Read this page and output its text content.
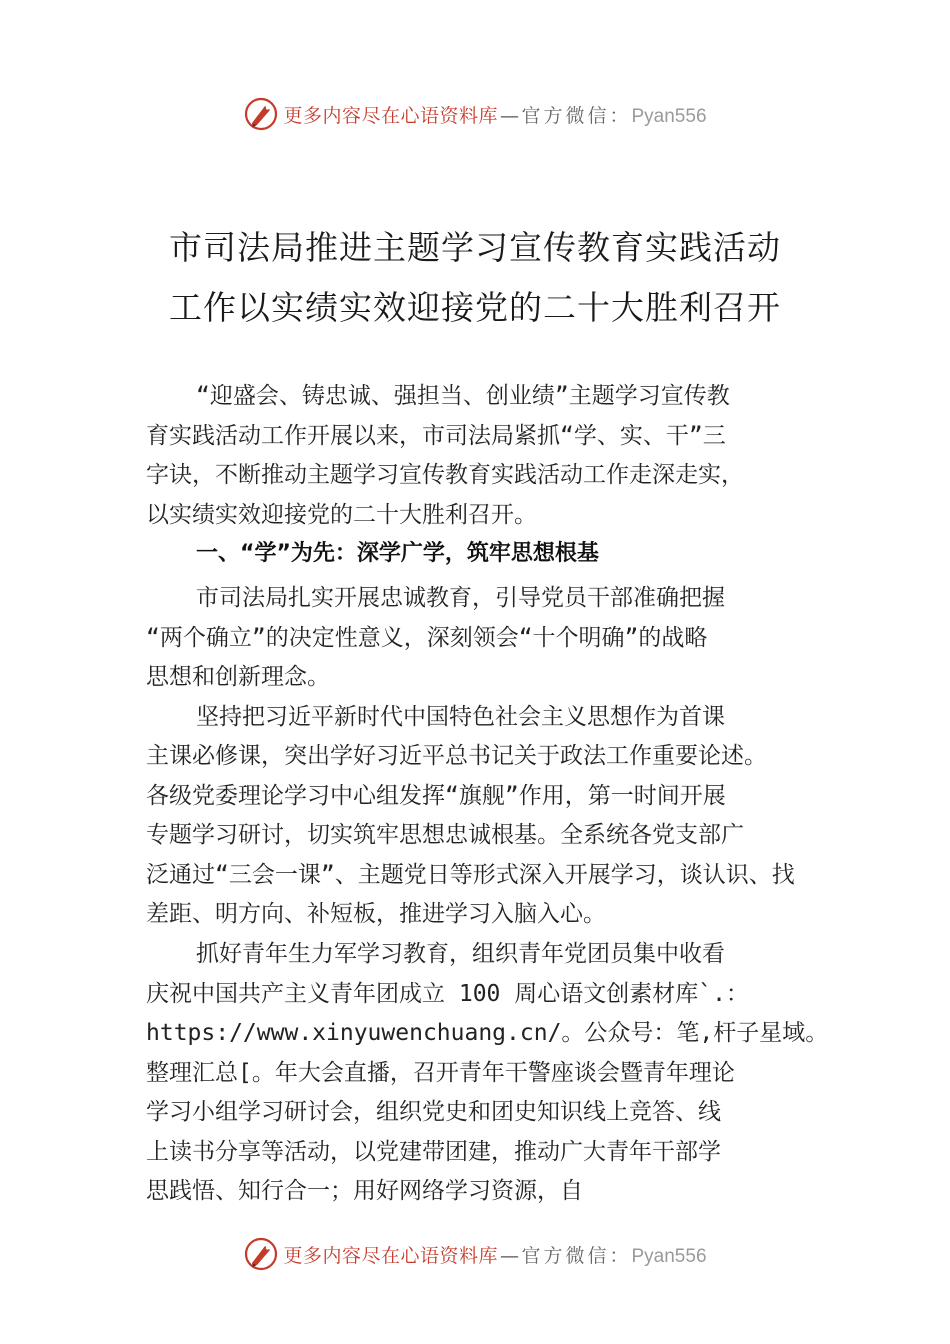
更多内容尽在心语资料库 — 官方微信：Pyan556
市司法局推进主题学习宣传教育实践活动
工作以实绩实效迎接党的二十大胜利召开
“迎盛会、铸忠诚、强担当、创业绩”主题学习宣传教
育实践活动工作开展以来，市司法局紧抓“学、实、干”三
字诀，不断推动主题学习宣传教育实践活动工作走深走实，
以实绩实效迎接党的二十大胜利召开。
一、“学”为先：深学广学，筑牢思想根基
市司法局扎实开展忠诚教育，引导党员干部准确把握
“两个确立”的决定性意义，深刻领会“十个明确”的战略
思想和创新理念。
坚持把习近平新时代中国特色社会主义思想作为首课
主课必修课，突出学好习近平总书记关于政法工作重要论述。
各级党委理论学习中心组发挥“旗舰”作用，第一时间开展
专题学习研讨，切实筑牢思想忠诚根基。全系统各党支部广
泛通过“三会一课”、主题党日等形式深入开展学习，谈认识、找
差距、明方向、补短板，推进学习入脑入心。
抓好青年生力军学习教育，组织青年党团员集中收看
庆祝中国共产主义青年团成立 100 周心语文创素材库`.：
https://www.xinyuwenchuang.cn/。公众号：笔,杆子星域。
整理汇总[。年大会直播，召开青年干警座谈会暨青年理论
学习小组学习研讨会，组织党史和团史知识线上竞答、线
上读书分享等活动，以党建带团建，推动广大青年干部学
思践悟、知行合一；用好网络学习资源，自
更多内容尽在心语资料库 — 官方微信：Pyan556
